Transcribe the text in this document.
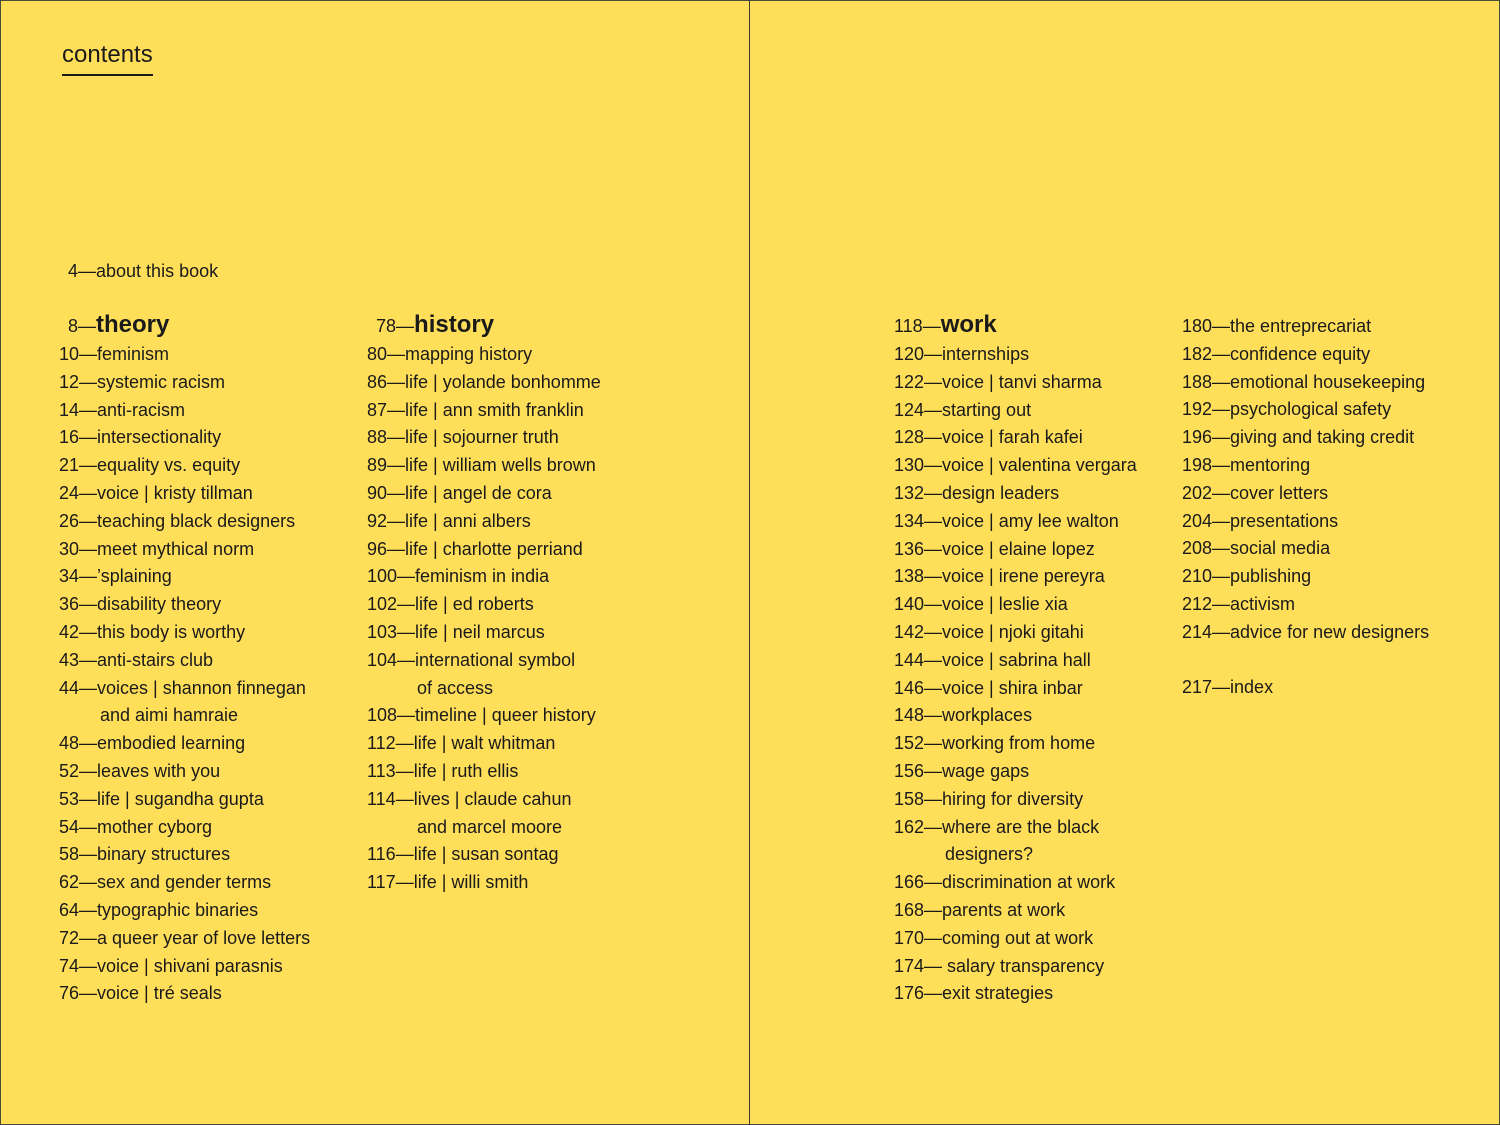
contents
4—about this book
8—theory	78—history	118—work
10—feminism
12—systemic racism
14—anti-racism
16—intersectionality
21—equality vs. equity
24—voice | kristy tillman
26—teaching black designers
30—meet mythical norm
34—’splaining
36—disability theory
42—this body is worthy
43—anti-stairs club
44—voices | shannon finnegan
and aimi hamraie
48—embodied learning
52—leaves with you
53—life | sugandha gupta
54—mother cyborg
58—binary structures
62—sex and gender terms
64—typographic binaries
72—a queer year of love letters
74—voice | shivani parasnis
76—voice | tré seals
80—mapping history
86—life | yolande bonhomme
87—life | ann smith franklin
88—life | sojourner truth
89—life | william wells brown
90—life | angel de cora
92—life | anni albers
96—life | charlotte perriand
100—feminism in india
102—life | ed roberts
103—life | neil marcus
104—international symbol
of access
108—timeline | queer history
112—life | walt whitman
113—life | ruth ellis
114—lives | claude cahun
and marcel moore
116—life | susan sontag
117—life | willi smith
120—internships
122—voice | tanvi sharma
124—starting out
128—voice | farah kafei
130—voice | valentina vergara
132—design leaders
134—voice | amy lee walton
136—voice | elaine lopez
138—voice | irene pereyra
140—voice | leslie xia
142—voice | njoki gitahi
144—voice | sabrina hall
146—voice | shira inbar
148—workplaces
152—working from home
156—wage gaps
158—hiring for diversity
162—where are the black
designers?
166—discrimination at work
168—parents at work
170—coming out at work
174— salary transparency
176—exit strategies
180—the entreprecariat
182—confidence equity
188—emotional housekeeping
192—psychological safety
196—giving and taking credit
198—mentoring
202—cover letters
204—presentations
208—social media
210—publishing
212—activism
214—advice for new designers

217—index
